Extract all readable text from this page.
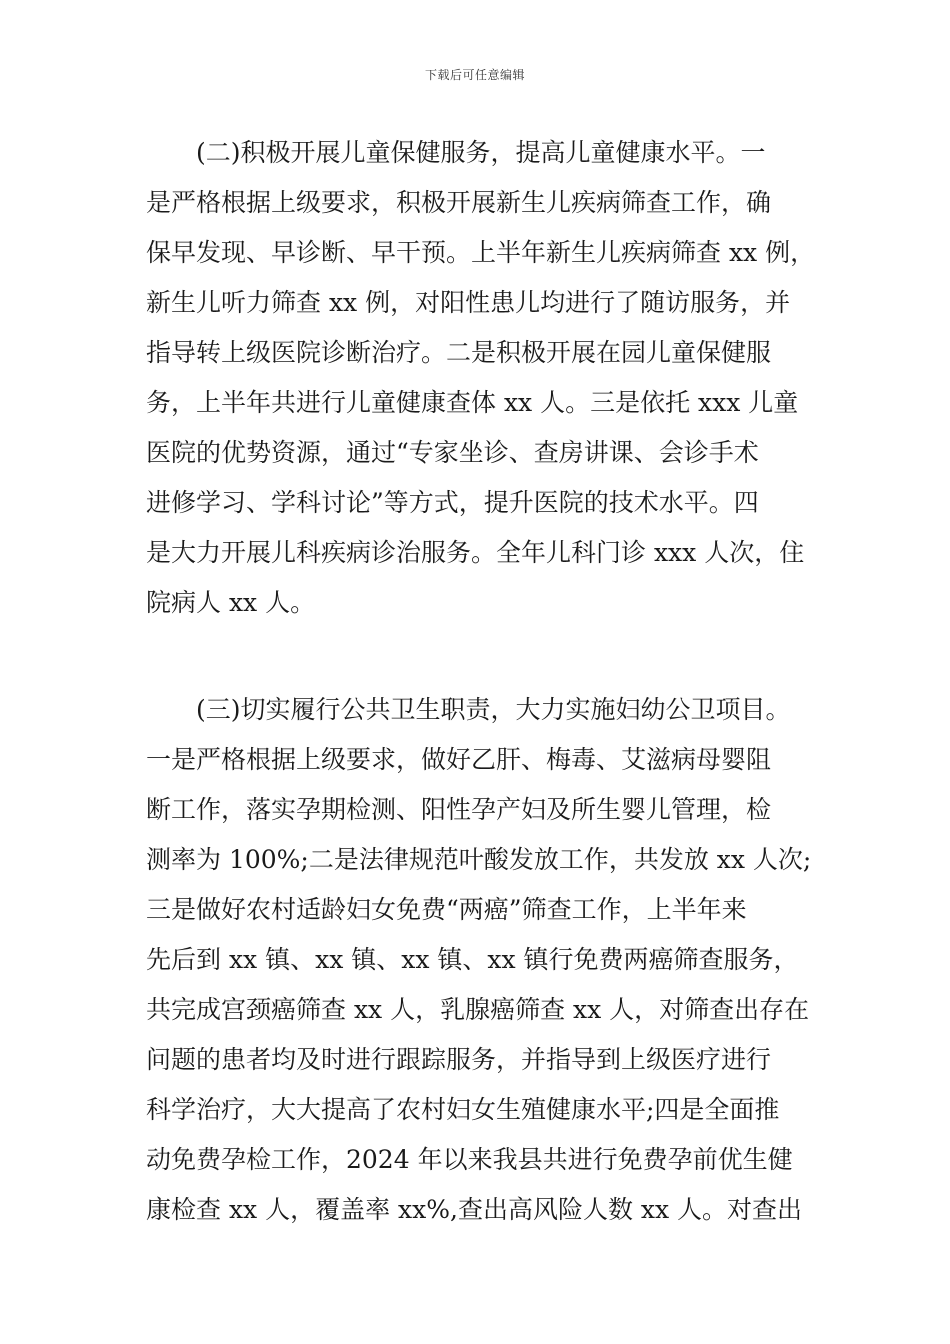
下载后可任意编辑
　　(二)积极开展儿童保健服务，提高儿童健康水平。一
是严格根据上级要求，积极开展新生儿疾病筛查工作，确
保早发现、早诊断、早干预。上半年新生儿疾病筛查 xx 例，
新生儿听力筛查 xx 例，对阳性患儿均进行了随访服务，并
指导转上级医院诊断治疗。二是积极开展在园儿童保健服
务，上半年共进行儿童健康查体 xx 人。三是依托 xxx 儿童
医院的优势资源，通过“专家坐诊、查房讲课、会诊手术
进修学习、学科讨论”等方式，提升医院的技术水平。四
是大力开展儿科疾病诊治服务。全年儿科门诊 xxx 人次，住
院病人 xx 人。
　　(三)切实履行公共卫生职责，大力实施妇幼公卫项目。
一是严格根据上级要求，做好乙肝、梅毒、艾滋病母婴阻
断工作，落实孕期检测、阳性孕产妇及所生婴儿管理，检
测率为 100%;二是法律规范叶酸发放工作，共发放 xx 人次;
三是做好农村适龄妇女免费“两癌”筛查工作，上半年来
先后到 xx 镇、xx 镇、xx 镇、xx 镇行免费两癌筛查服务，
共完成宫颈癌筛查 xx 人，乳腺癌筛查 xx 人，对筛查出存在
问题的患者均及时进行跟踪服务，并指导到上级医疗进行
科学治疗，大大提高了农村妇女生殖健康水平;四是全面推
动免费孕检工作，2024 年以来我县共进行免费孕前优生健
康检查 xx 人，覆盖率 xx%,查出高风险人数 xx 人。对查出
